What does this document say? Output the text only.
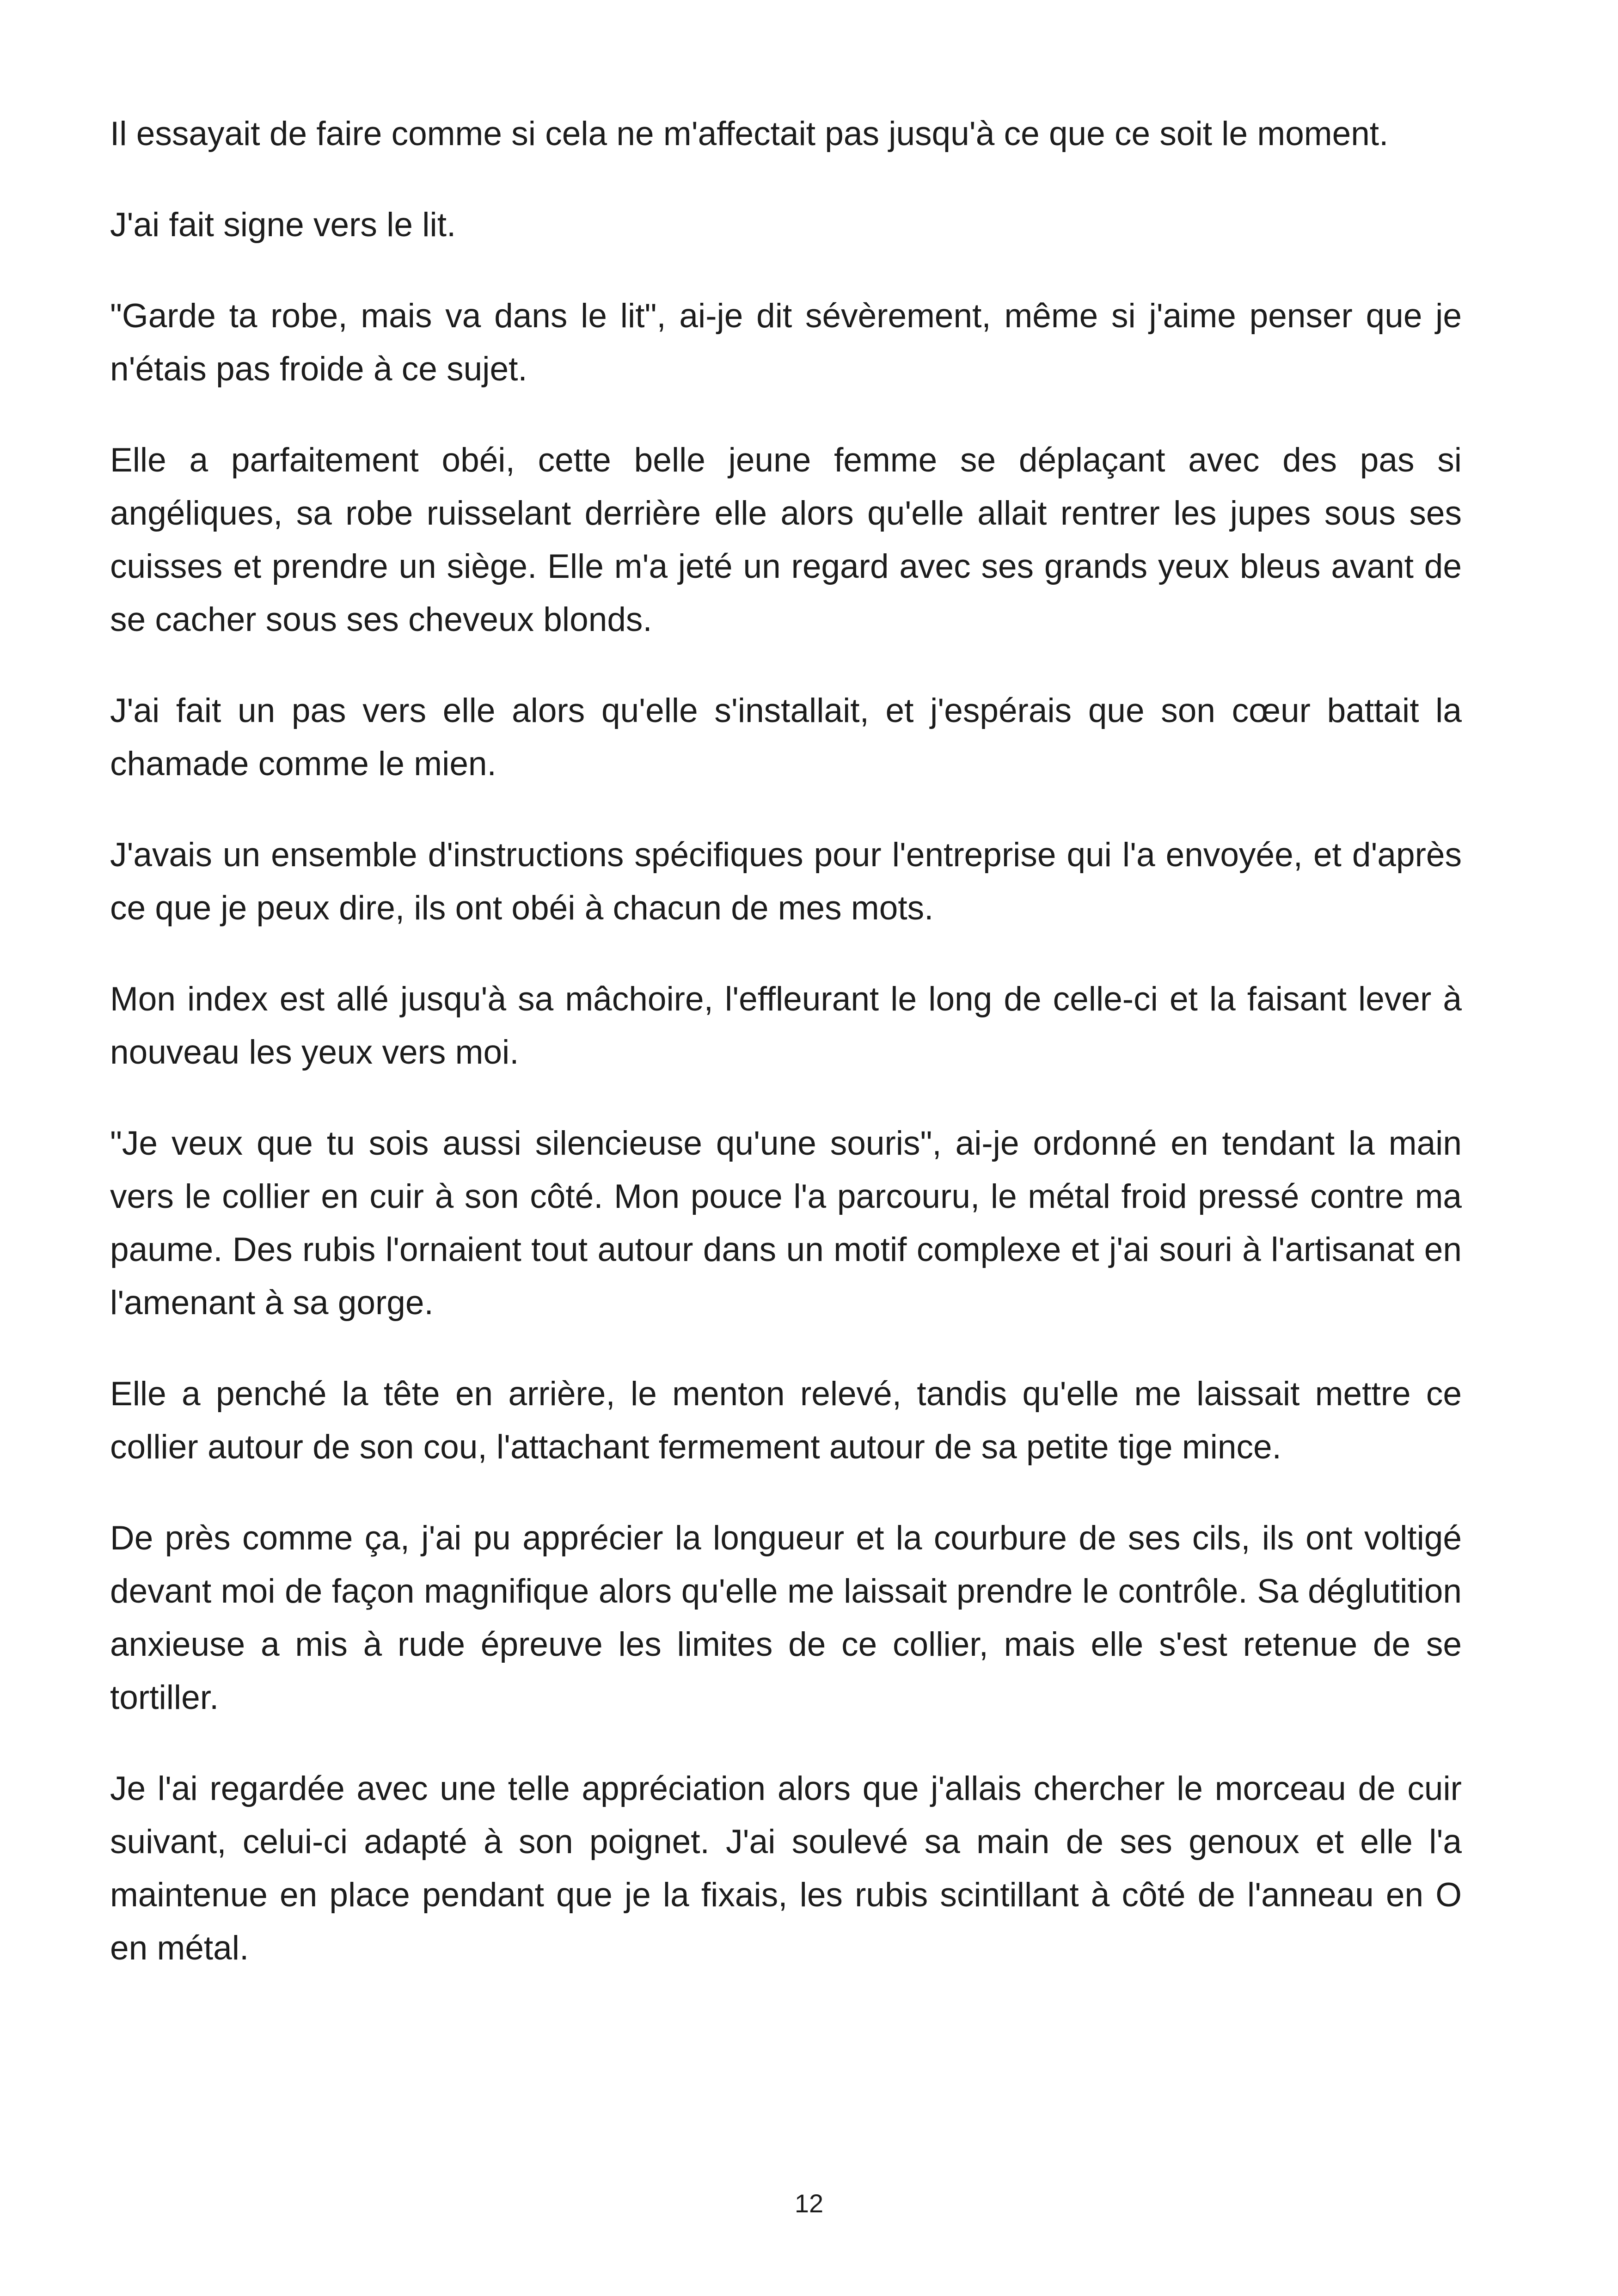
Il essayait de faire comme si cela ne m'affectait pas jusqu'à ce que ce soit le moment.

J'ai fait signe vers le lit.

"Garde ta robe, mais va dans le lit", ai-je dit sévèrement, même si j'aime penser que je n'étais pas froide à ce sujet.

Elle a parfaitement obéi, cette belle jeune femme se déplaçant avec des pas si angéliques, sa robe ruisselant derrière elle alors qu'elle allait rentrer les jupes sous ses cuisses et prendre un siège. Elle m'a jeté un regard avec ses grands yeux bleus avant de se cacher sous ses cheveux blonds.

J'ai fait un pas vers elle alors qu'elle s'installait, et j'espérais que son cœur battait la chamade comme le mien.

J'avais un ensemble d'instructions spécifiques pour l'entreprise qui l'a envoyée, et d'après ce que je peux dire, ils ont obéi à chacun de mes mots.

Mon index est allé jusqu'à sa mâchoire, l'effleurant le long de celle-ci et la faisant lever à nouveau les yeux vers moi.

"Je veux que tu sois aussi silencieuse qu'une souris", ai-je ordonné en tendant la main vers le collier en cuir à son côté. Mon pouce l'a parcouru, le métal froid pressé contre ma paume. Des rubis l'ornaient tout autour dans un motif complexe et j'ai souri à l'artisanat en l'amenant à sa gorge.

Elle a penché la tête en arrière, le menton relevé, tandis qu'elle me laissait mettre ce collier autour de son cou, l'attachant fermement autour de sa petite tige mince.

De près comme ça, j'ai pu apprécier la longueur et la courbure de ses cils, ils ont voltigé devant moi de façon magnifique alors qu'elle me laissait prendre le contrôle. Sa déglutition anxieuse a mis à rude épreuve les limites de ce collier, mais elle s'est retenue de se tortiller.

Je l'ai regardée avec une telle appréciation alors que j'allais chercher le morceau de cuir suivant, celui-ci adapté à son poignet. J'ai soulevé sa main de ses genoux et elle l'a maintenue en place pendant que je la fixais, les rubis scintillant à côté de l'anneau en O en métal.

12
